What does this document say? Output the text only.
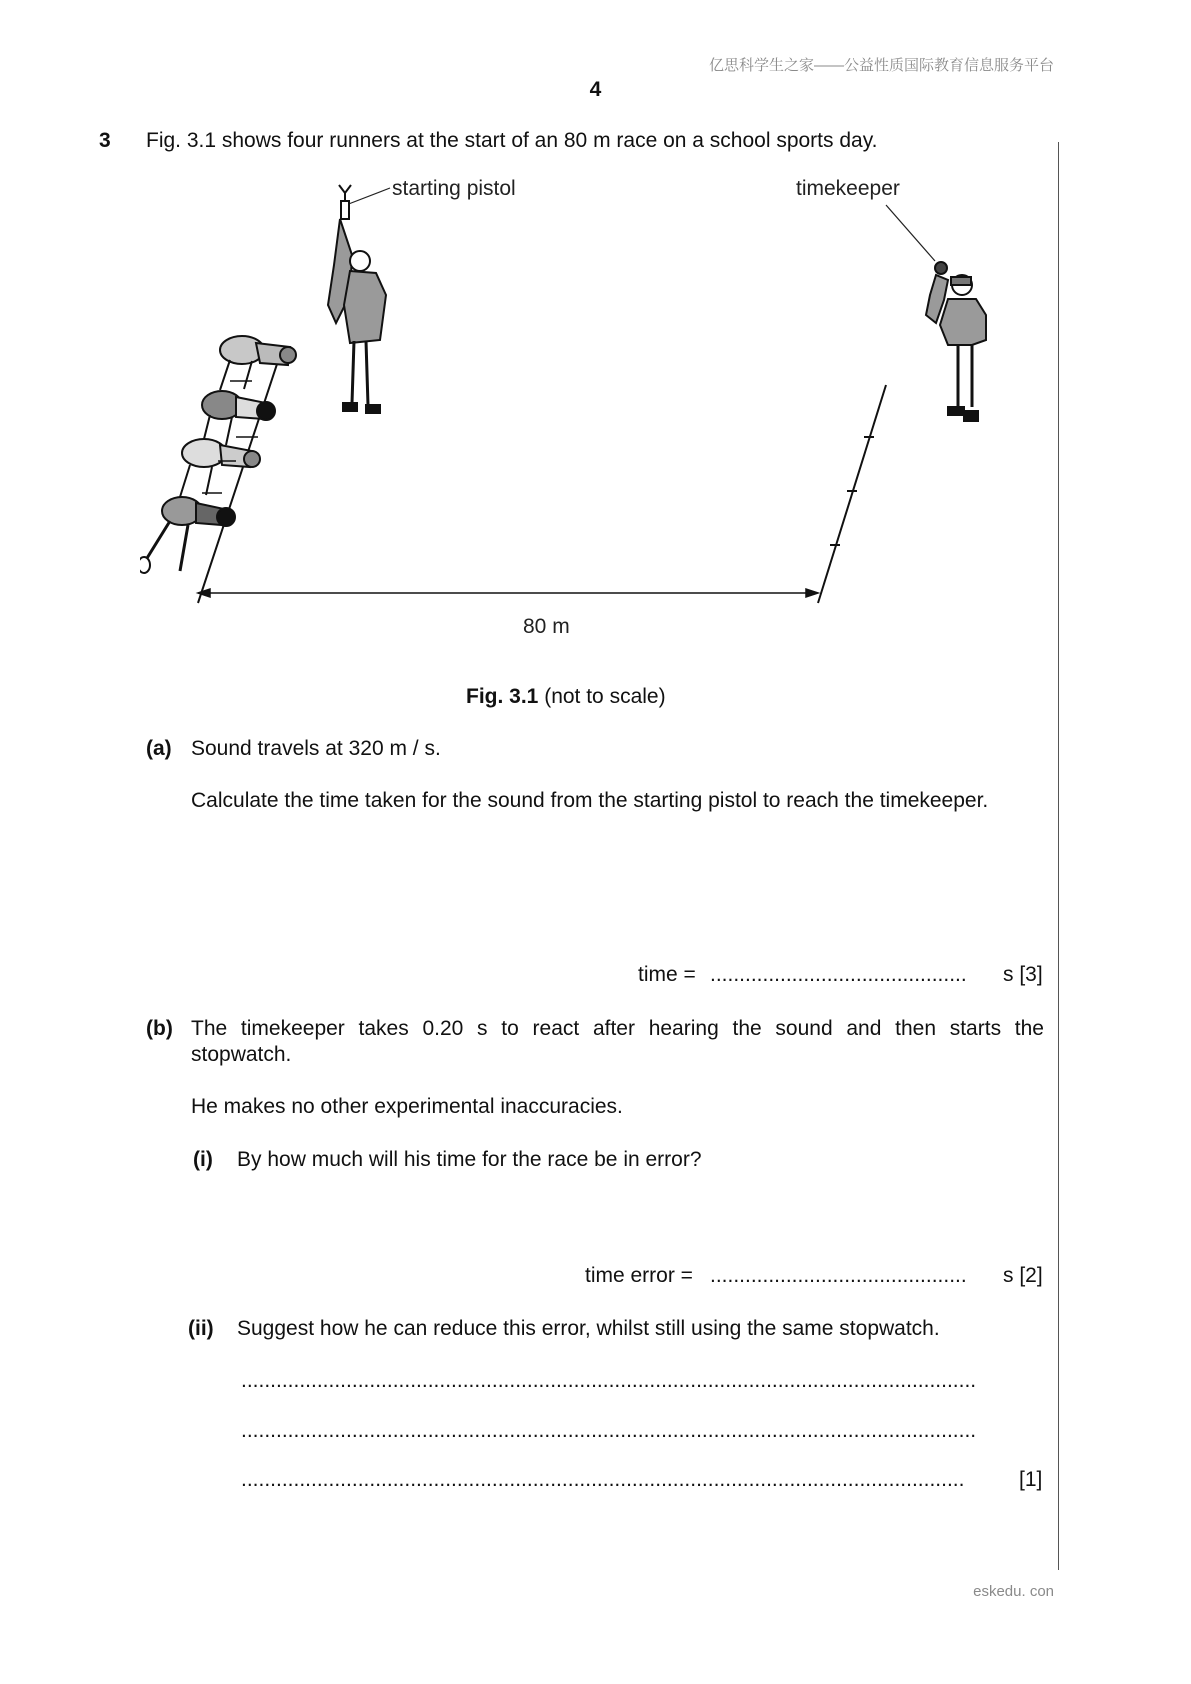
亿思科学生之家——公益性质国际教育信息服务平台
4
3 Fig. 3.1 shows four runners at the start of an 80 m race on a school sports day.
starting pistol	timekeeper
80 m
Fig. 3.1 (not to scale)
(a) Sound travels at 320 m / s.
Calculate the time taken for the sound from the starting pistol to reach the timekeeper.
time = ............................................ s [3]
(b) The timekeeper takes 0.20 s to react after hearing the sound and then starts the
stopwatch.
He makes no other experimental inaccuracies.
(i) By how much will his time for the race be in error?
time error = ............................................ s [2]
(ii) Suggest how he can reduce this error, whilst still using the same stopwatch.
..............................................................................................................................
..............................................................................................................................
............................................................................................................................	[1]
eskedu. con
